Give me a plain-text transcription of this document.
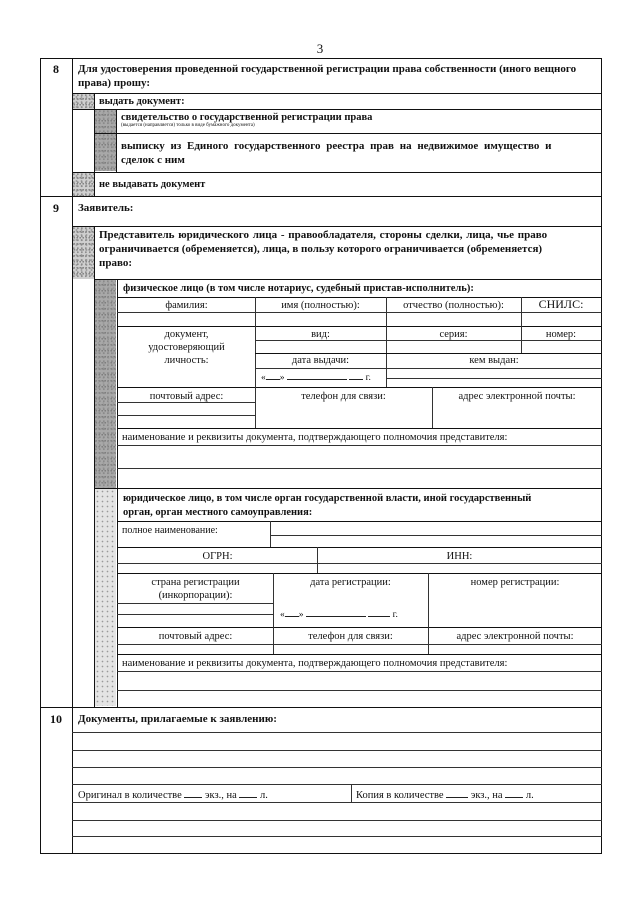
3
8	Для удостоверения проведенной государственной регистрации права собственности (иного вещного
права) прошу:
выдать документ:
свидетельство о государственной регистрации права
(выдается (направляется) только в виде бумажного документа)
выписку из Единого государственного реестра прав на недвижимое имущество и
сделок с ним
не выдавать документ
9	Заявитель:
Представитель юридического лица - правообладателя, стороны сделки, лица, чье право
ограничивается (обременяется), лица, в пользу которого ограничивается (обременяется)
право:
физическое лицо (в том числе нотариус, судебный пристав-исполнитель):
фамилия:	имя (полностью):	отчество (полностью):	СНИЛС:
документ,
удостоверяющий
личность:
вид:	серия:	номер:
дата выдачи:	кем выдан:
« »	г.
почтовый адрес:	телефон для связи:	адрес электронной почты:
наименование и реквизиты документа, подтверждающего полномочия представителя:
юридическое лицо, в том числе орган государственной власти, иной государственный
орган, орган местного самоуправления:
полное наименование:
ОГРН:	ИНН:
страна регистрации
(инкорпорации):
дата регистрации:	номер регистрации:
« »	г.
почтовый адрес:	телефон для связи:	адрес электронной почты:
наименование и реквизиты документа, подтверждающего полномочия представителя:
10	Документы, прилагаемые к заявлению:
Оригинал в количестве экз., на л.	Копия в количестве	экз., на л.
